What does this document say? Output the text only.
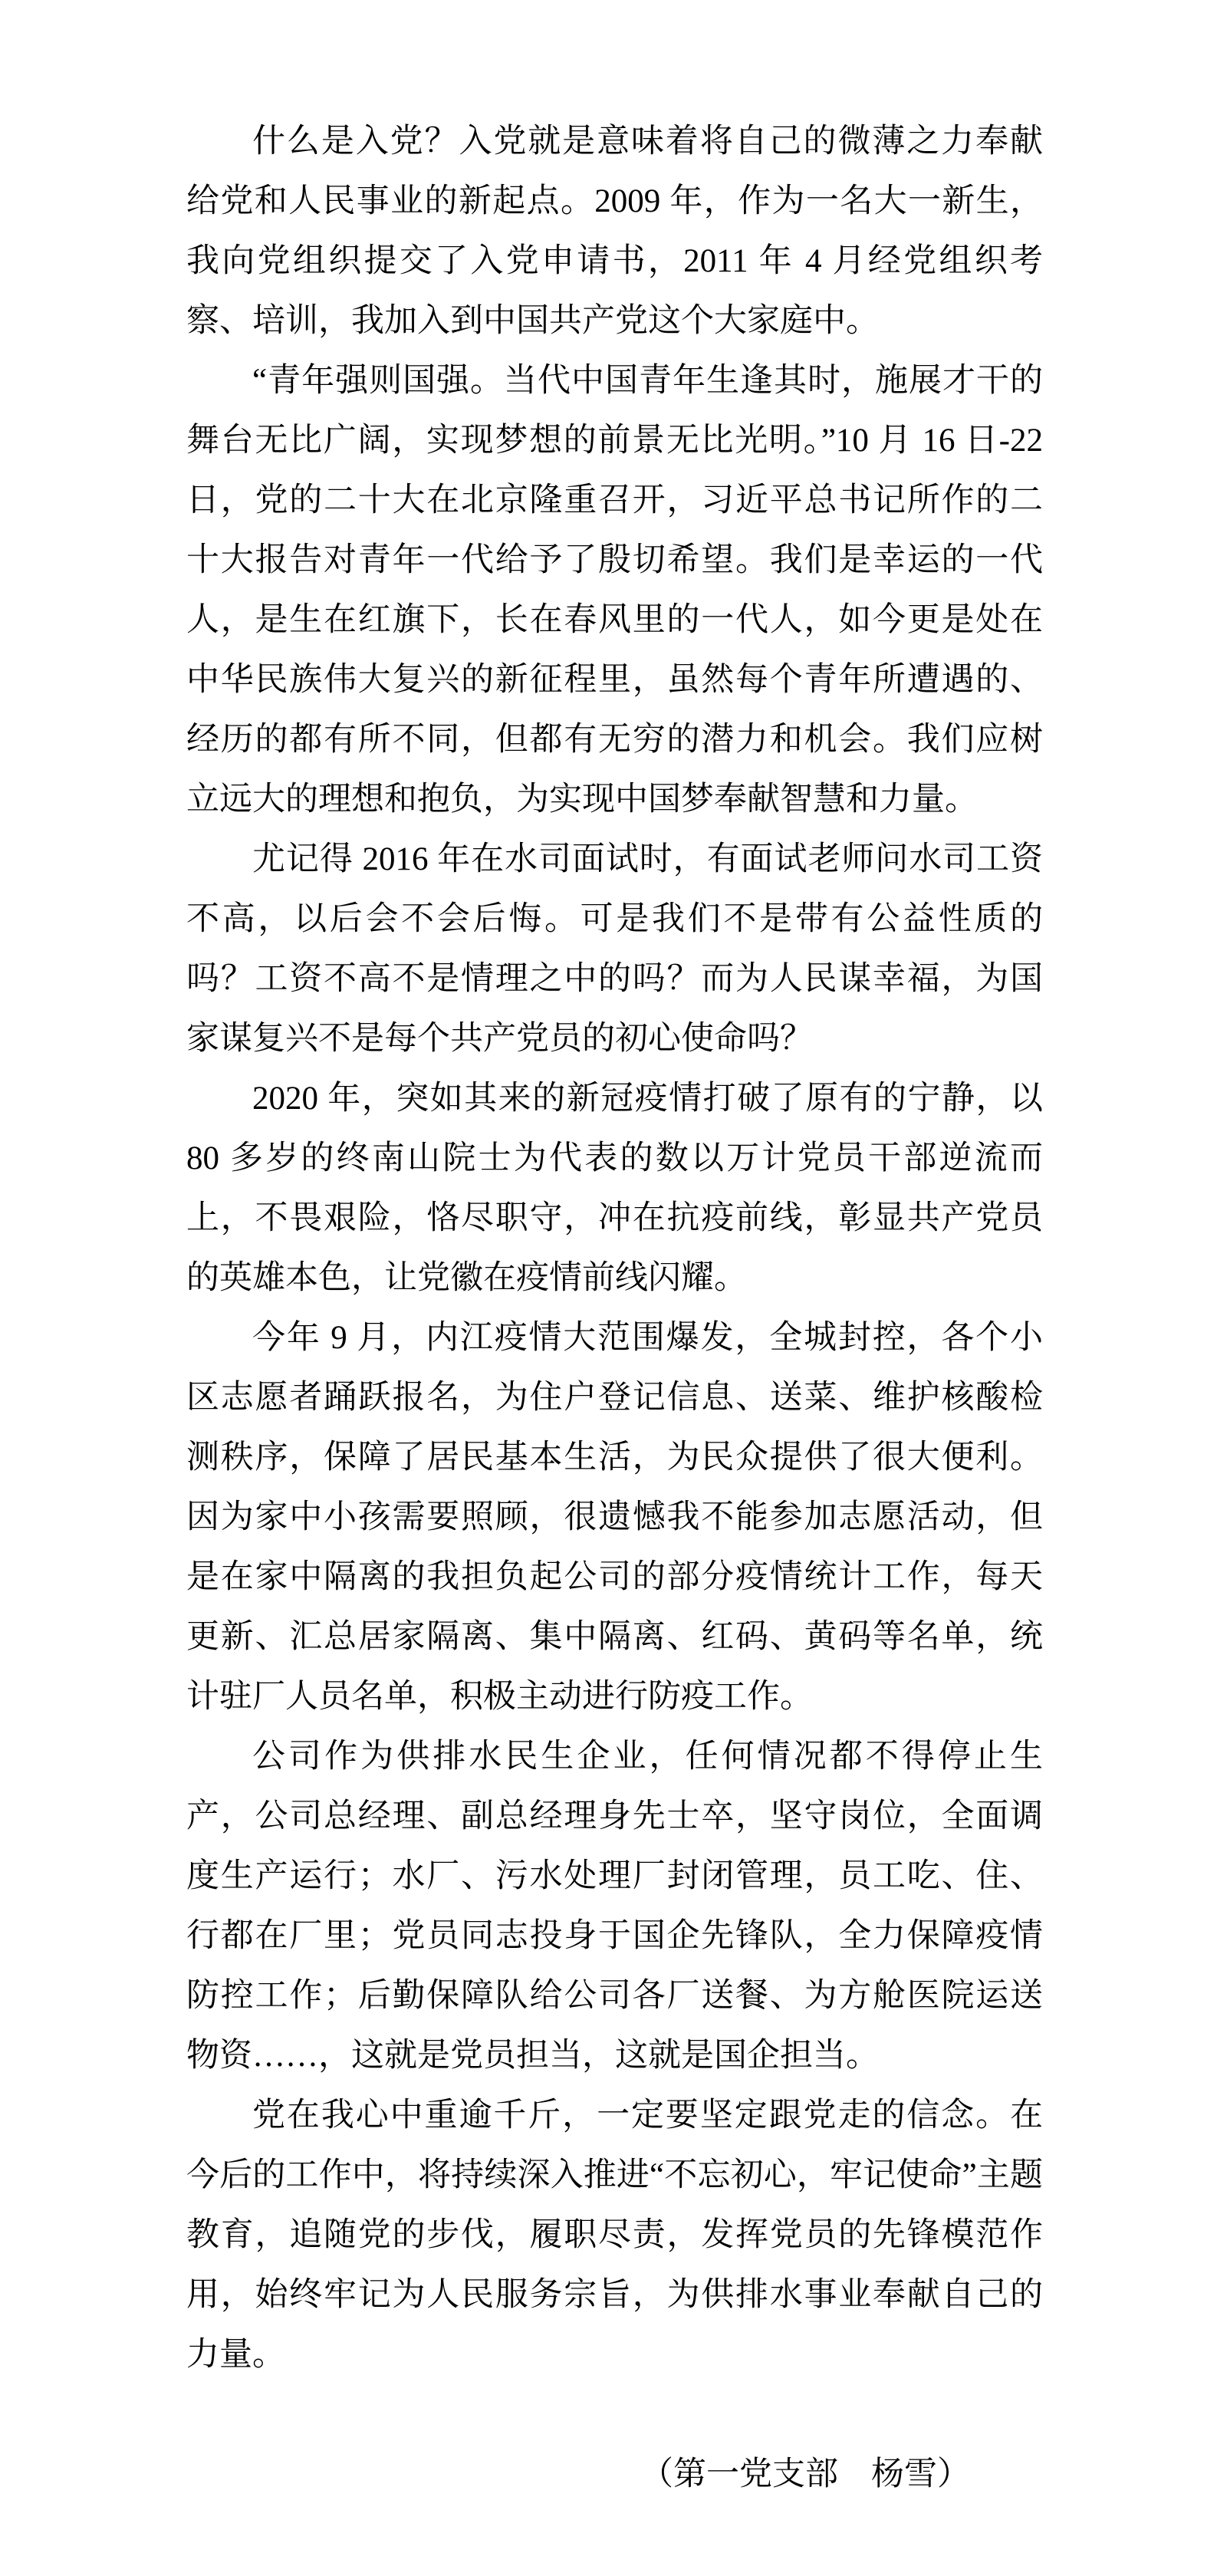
什么是入党？入党就是意味着将自己的微薄之力奉献给党和人民事业的新起点。2009 年，作为一名大一新生，我向党组织提交了入党申请书，2011 年 4 月经党组织考察、培训，我加入到中国共产党这个大家庭中。

“青年强则国强。当代中国青年生逢其时，施展才干的舞台无比广阔，实现梦想的前景无比光明。”10 月 16 日-22 日，党的二十大在北京隆重召开，习近平总书记所作的二十大报告对青年一代给予了殷切希望。我们是幸运的一代人，是生在红旗下，长在春风里的一代人，如今更是处在中华民族伟大复兴的新征程里，虽然每个青年所遭遇的、经历的都有所不同，但都有无穷的潜力和机会。我们应树立远大的理想和抱负，为实现中国梦奉献智慧和力量。

尤记得 2016 年在水司面试时，有面试老师问水司工资不高，以后会不会后悔。可是我们不是带有公益性质的吗？工资不高不是情理之中的吗？而为人民谋幸福，为国家谋复兴不是每个共产党员的初心使命吗？

2020 年，突如其来的新冠疫情打破了原有的宁静，以 80 多岁的终南山院士为代表的数以万计党员干部逆流而上，不畏艰险，恪尽职守，冲在抗疫前线，彰显共产党员的英雄本色，让党徽在疫情前线闪耀。

今年 9 月，内江疫情大范围爆发，全城封控，各个小区志愿者踊跃报名，为住户登记信息、送菜、维护核酸检测秩序，保障了居民基本生活，为民众提供了很大便利。因为家中小孩需要照顾，很遗憾我不能参加志愿活动，但是在家中隔离的我担负起公司的部分疫情统计工作，每天更新、汇总居家隔离、集中隔离、红码、黄码等名单，统计驻厂人员名单，积极主动进行防疫工作。

公司作为供排水民生企业，任何情况都不得停止生产，公司总经理、副总经理身先士卒，坚守岗位，全面调度生产运行；水厂、污水处理厂封闭管理，员工吃、住、行都在厂里；党员同志投身于国企先锋队，全力保障疫情防控工作；后勤保障队给公司各厂送餐、为方舱医院运送物资……，这就是党员担当，这就是国企担当。

党在我心中重逾千斤，一定要坚定跟党走的信念。在今后的工作中，将持续深入推进“不忘初心，牢记使命”主题教育，追随党的步伐，履职尽责，发挥党员的先锋模范作用，始终牢记为人民服务宗旨，为供排水事业奉献自己的力量。

（第一党支部　杨雪）
